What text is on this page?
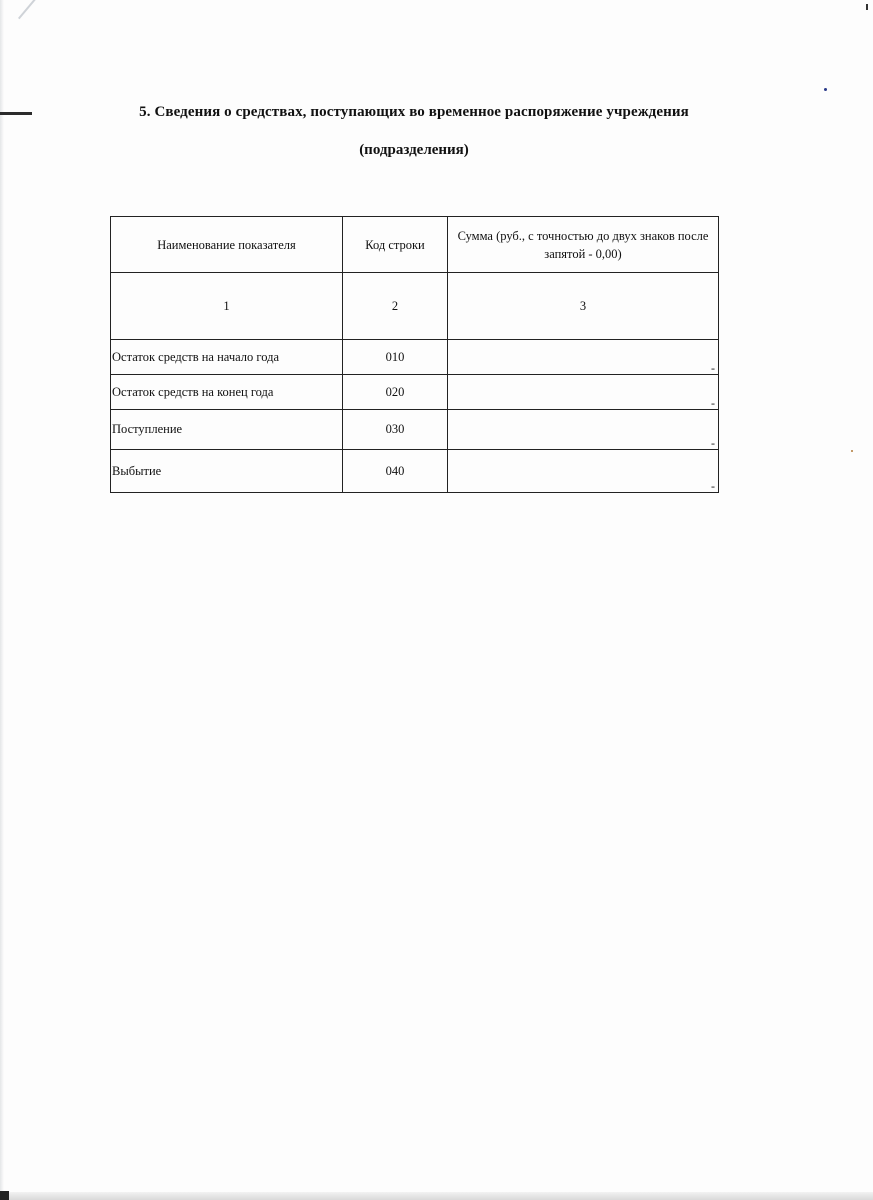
5. Сведения о средствах, поступающих во временное распоряжение учреждения
(подразделения)
Наименование показателя	Код строки	Сумма (руб., с точностью до двух знаков после запятой - 0,00)
1	2	3
Остаток средств на начало года	010	-

Остаток средств на конец года	020	-

Поступление	030	-

Выбытие	040	-
